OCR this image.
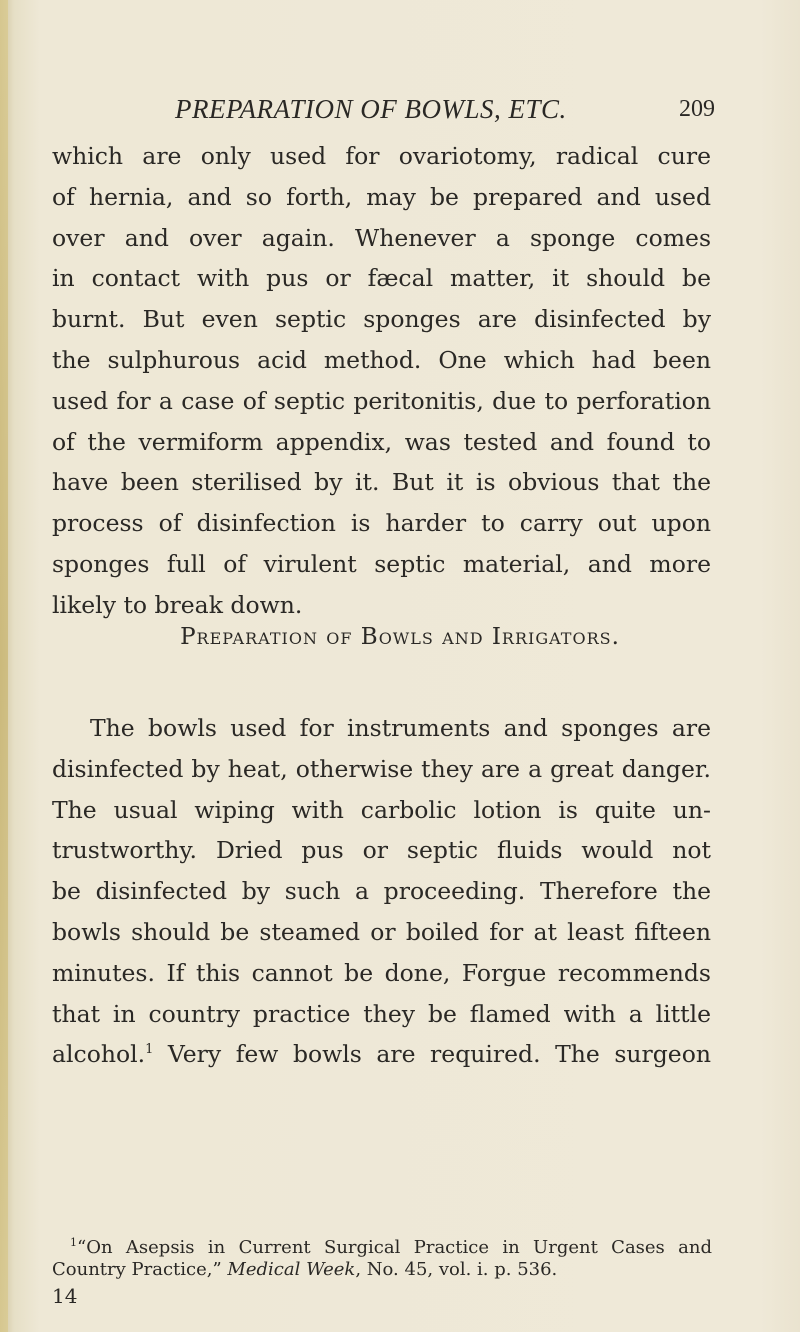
PREPARATION OF BOWLS, ETC.	209
which are only used for ovariotomy, radical cure
of hernia, and so forth, may be prepared and used
over and over again. Whenever a sponge comes
in contact with pus or fæcal matter, it should be
burnt. But even septic sponges are disinfected by
the sulphurous acid method. One which had been
used for a case of septic peritonitis, due to perforation
of the vermiform appendix, was tested and found to
have been sterilised by it. But it is obvious that the
process of disinfection is harder to carry out upon
sponges full of virulent septic material, and more
likely to break down.
Preparation of Bowls and Irrigators.
The bowls used for instruments and sponges are
disinfected by heat, otherwise they are a great danger.
The usual wiping with carbolic lotion is quite un-
trustworthy. Dried pus or septic fluids would not
be disinfected by such a proceeding. Therefore the
bowls should be steamed or boiled for at least fifteen
minutes. If this cannot be done, Forgue recommends
that in country practice they be flamed with a little
alcohol.$^1$ Very few bowls are required. The surgeon
$^1$“On Asepsis in Current Surgical Practice in Urgent Cases and
Country Practice,” Medical Week, No. 45, vol. i. p. 536.
14
